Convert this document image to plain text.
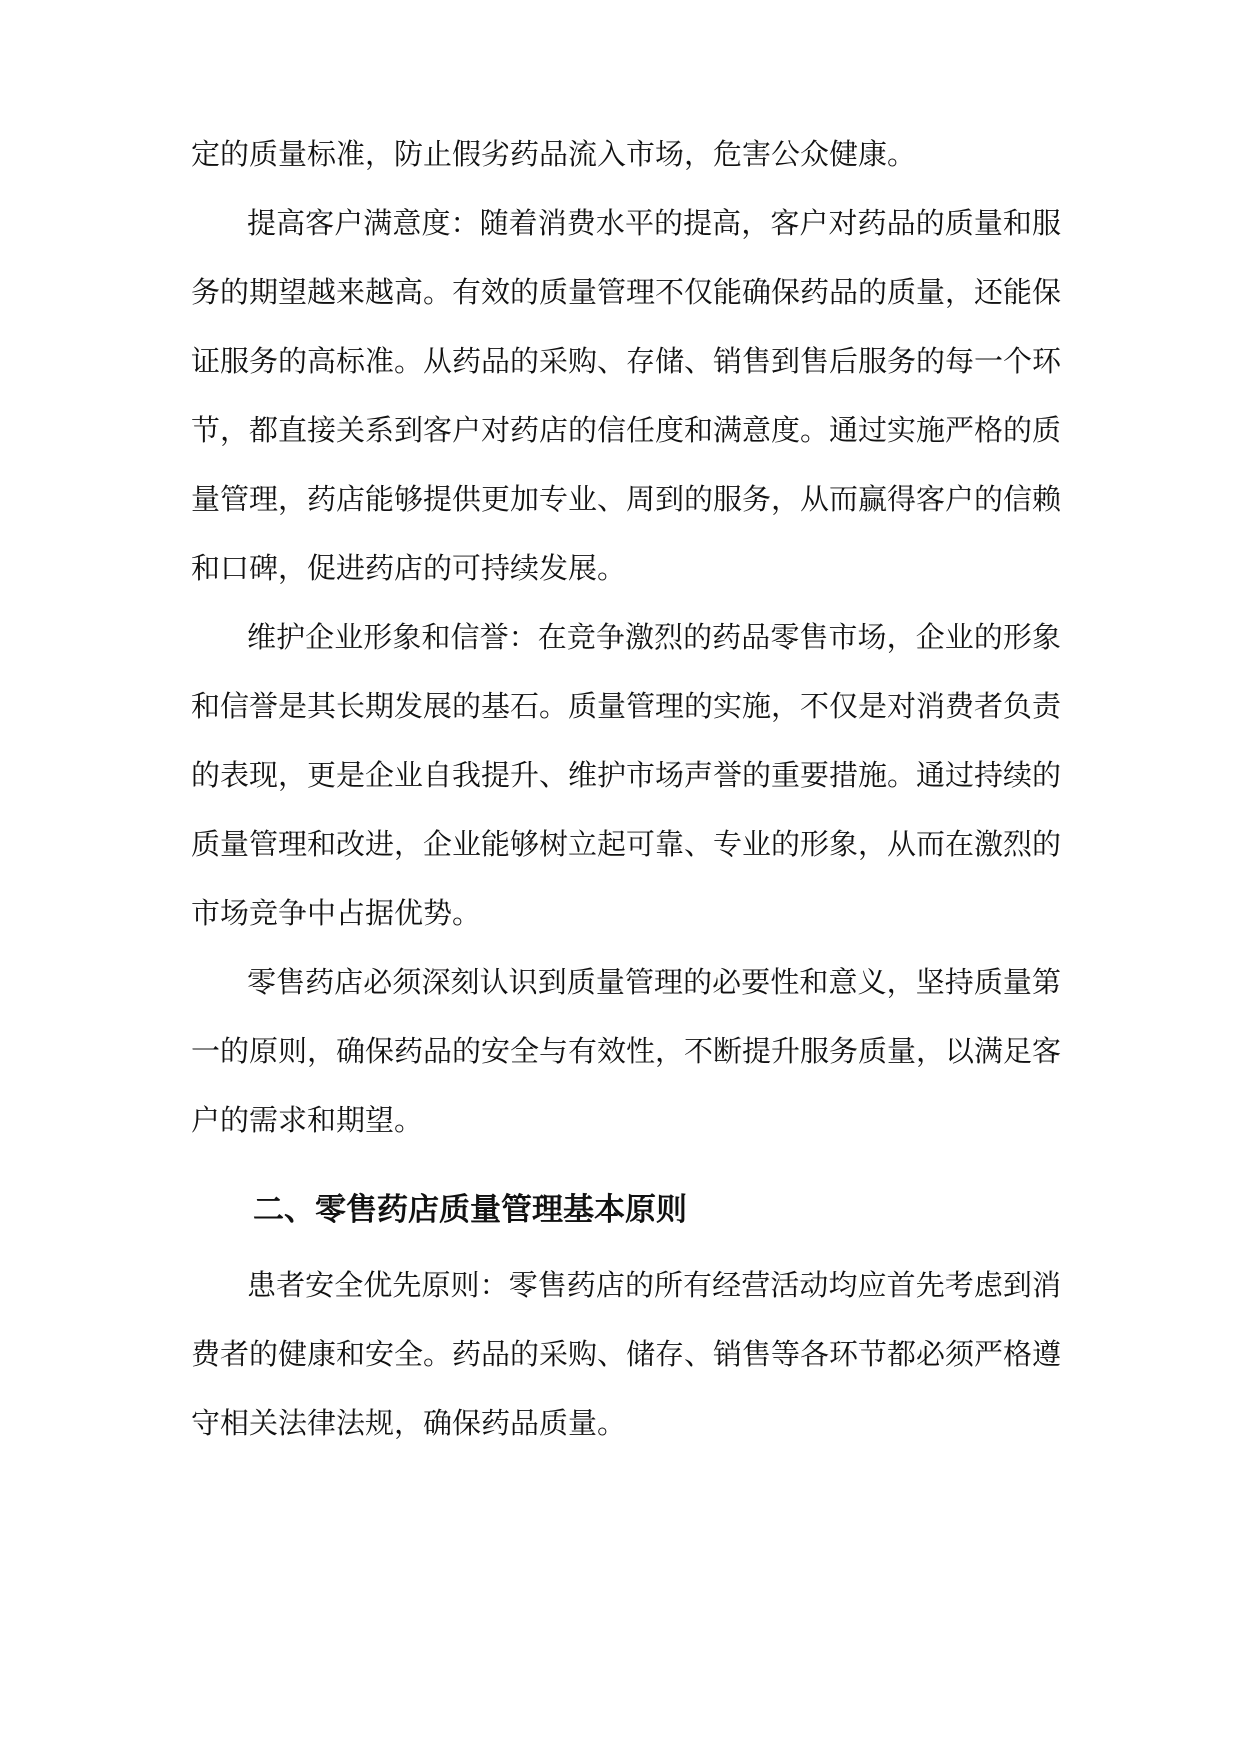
定的质量标准，防止假劣药品流入市场，危害公众健康。
提高客户满意度：随着消费水平的提高，客户对药品的质量和服
务的期望越来越高。有效的质量管理不仅能确保药品的质量，还能保
证服务的高标准。从药品的采购、存储、销售到售后服务的每一个环
节，都直接关系到客户对药店的信任度和满意度。通过实施严格的质
量管理，药店能够提供更加专业、周到的服务，从而赢得客户的信赖
和口碑，促进药店的可持续发展。
维护企业形象和信誉：在竞争激烈的药品零售市场，企业的形象
和信誉是其长期发展的基石。质量管理的实施，不仅是对消费者负责
的表现，更是企业自我提升、维护市场声誉的重要措施。通过持续的
质量管理和改进，企业能够树立起可靠、专业的形象，从而在激烈的
市场竞争中占据优势。
零售药店必须深刻认识到质量管理的必要性和意义，坚持质量第
一的原则，确保药品的安全与有效性，不断提升服务质量，以满足客
户的需求和期望。
二、零售药店质量管理基本原则
患者安全优先原则：零售药店的所有经营活动均应首先考虑到消
费者的健康和安全。药品的采购、储存、销售等各环节都必须严格遵
守相关法律法规，确保药品质量。
